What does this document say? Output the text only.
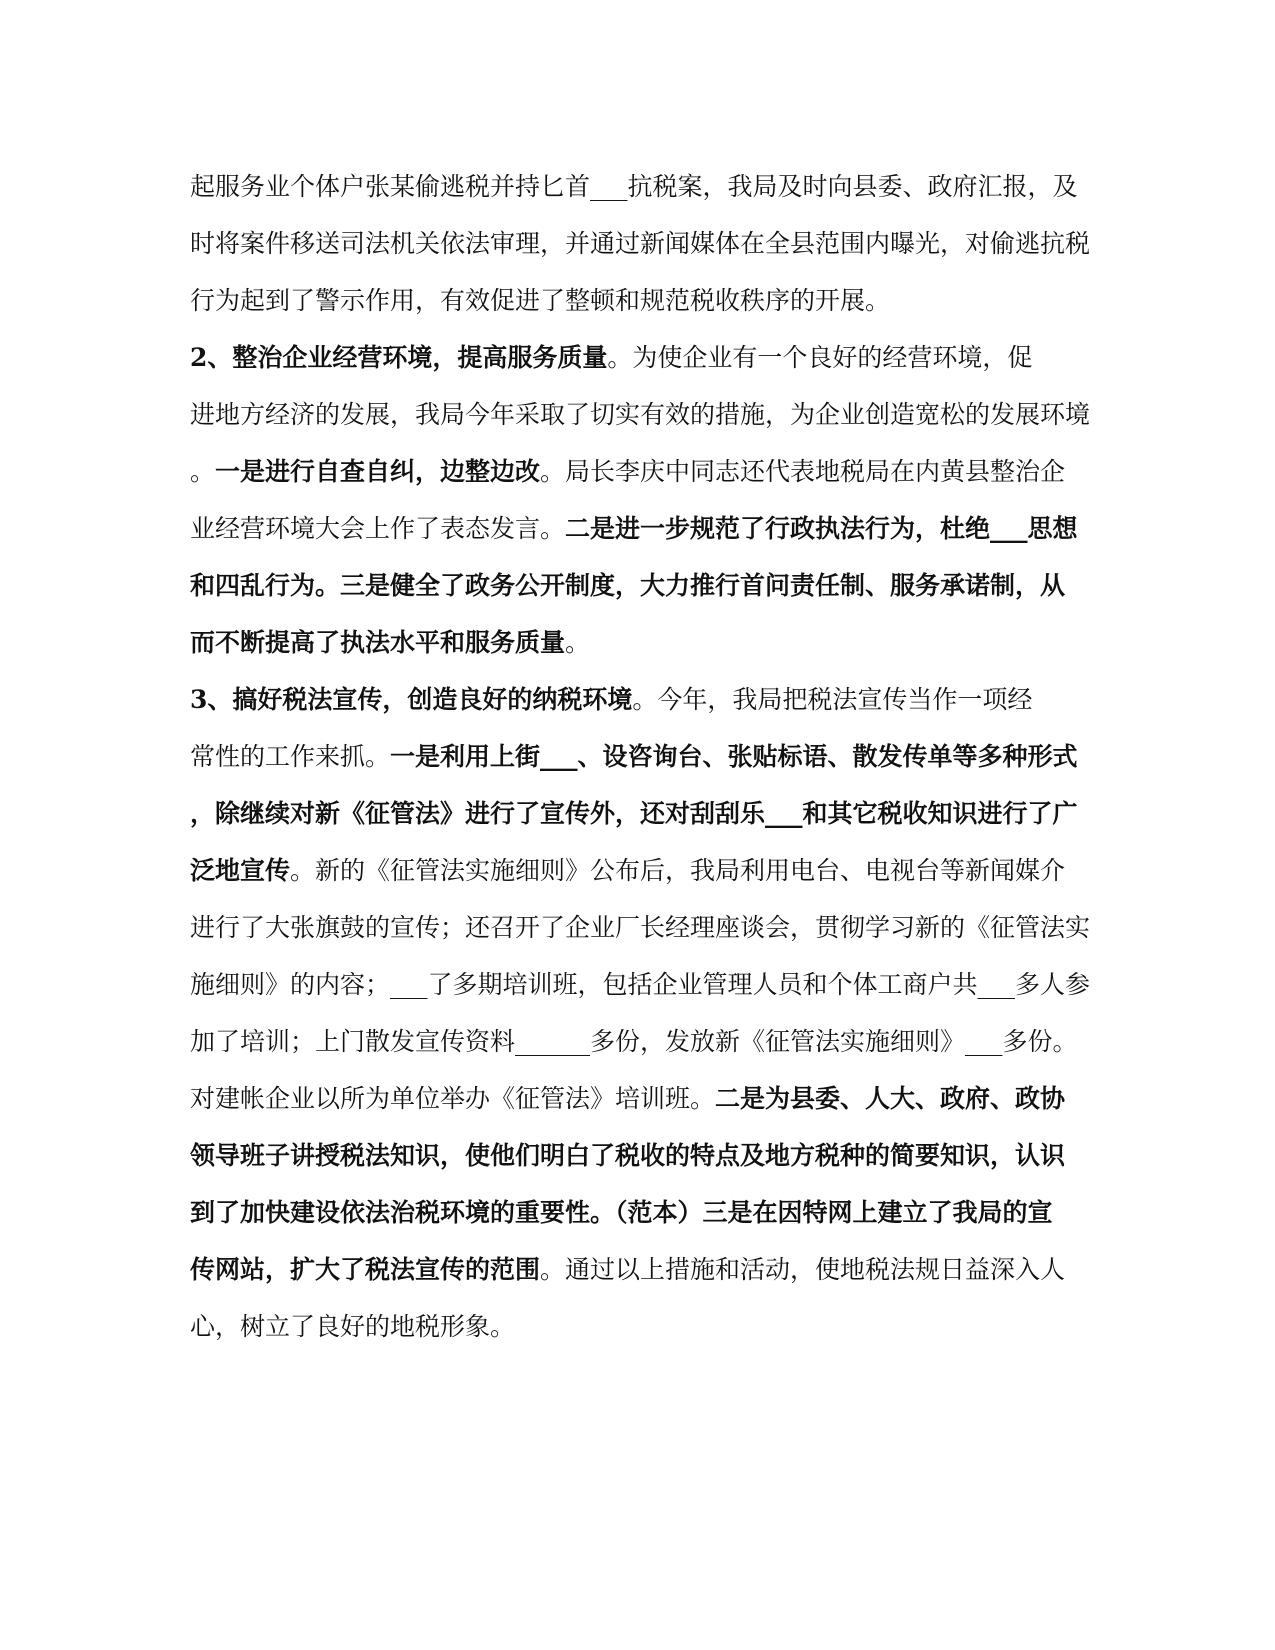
起服务业个体户张某偷逃税并持匕首___抗税案，我局及时向县委、政府汇报，及
时将案件移送司法机关依法审理，并通过新闻媒体在全县范围内曝光，对偷逃抗税
行为起到了警示作用，有效促进了整顿和规范税收秩序的开展。
2、整治企业经营环境，提高服务质量。为使企业有一个良好的经营环境，促
进地方经济的发展，我局今年采取了切实有效的措施，为企业创造宽松的发展环境
。一是进行自查自纠，边整边改。局长李庆中同志还代表地税局在内黄县整治企
业经营环境大会上作了表态发言。二是进一步规范了行政执法行为，杜绝___思想
和四乱行为。三是健全了政务公开制度，大力推行首问责任制、服务承诺制，从
而不断提高了执法水平和服务质量。
3、搞好税法宣传，创造良好的纳税环境。今年，我局把税法宣传当作一项经
常性的工作来抓。一是利用上街___、设咨询台、张贴标语、散发传单等多种形式
，除继续对新《征管法》进行了宣传外，还对刮刮乐___和其它税收知识进行了广
泛地宣传。新的《征管法实施细则》公布后，我局利用电台、电视台等新闻媒介
进行了大张旗鼓的宣传；还召开了企业厂长经理座谈会，贯彻学习新的《征管法实
施细则》的内容；___了多期培训班，包括企业管理人员和个体工商户共___多人参
加了培训；上门散发宣传资料______多份，发放新《征管法实施细则》___多份。
对建帐企业以所为单位举办《征管法》培训班。二是为县委、人大、政府、政协
领导班子讲授税法知识，使他们明白了税收的特点及地方税种的简要知识，认识
到了加快建设依法治税环境的重要性。（范本）三是在因特网上建立了我局的宣
传网站，扩大了税法宣传的范围。通过以上措施和活动，使地税法规日益深入人
心，树立了良好的地税形象。
